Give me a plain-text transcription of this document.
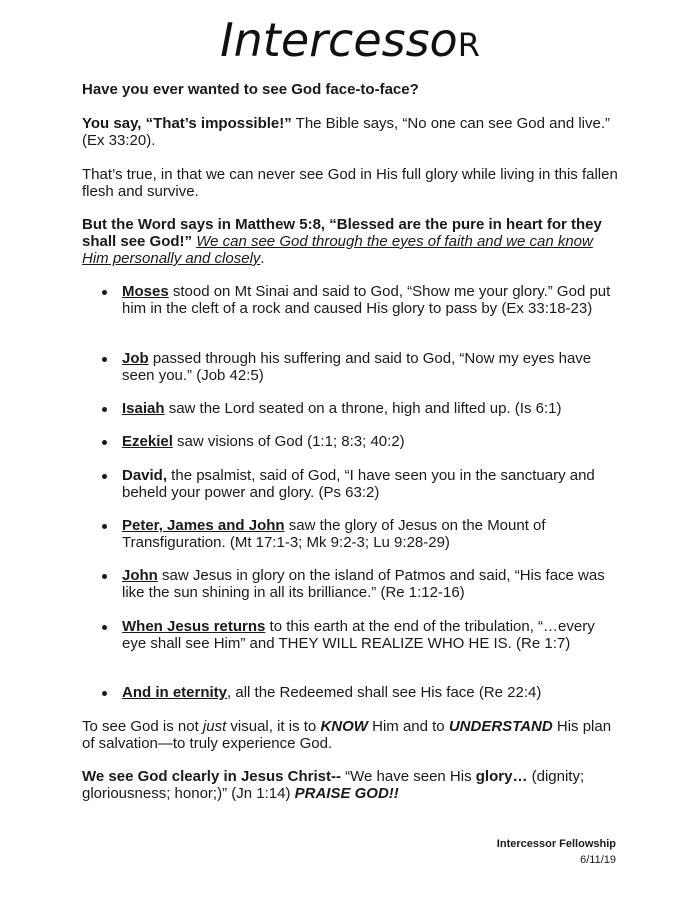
IntercessoR
Have you ever wanted to see God face-to-face?
You say, “That’s impossible!” The Bible says, “No one can see God and live.” (Ex 33:20).
That’s true, in that we can never see God in His full glory while living in this fallen flesh and survive.
But the Word says in Matthew 5:8, “Blessed are the pure in heart for they shall see God!” We can see God through the eyes of faith and we can know Him personally and closely.
Moses stood on Mt Sinai and said to God, “Show me your glory.” God put him in the cleft of a rock and caused His glory to pass by (Ex 33:18-23)
Job passed through his suffering and said to God, “Now my eyes have seen you.” (Job 42:5)
Isaiah saw the Lord seated on a throne, high and lifted up. (Is 6:1)
Ezekiel saw visions of God (1:1; 8:3; 40:2)
David, the psalmist, said of God, “I have seen you in the sanctuary and beheld your power and glory. (Ps 63:2)
Peter, James and John saw the glory of Jesus on the Mount of Transfiguration. (Mt 17:1-3; Mk 9:2-3; Lu 9:28-29)
John saw Jesus in glory on the island of Patmos and said, “His face was like the sun shining in all its brilliance.” (Re 1:12-16)
When Jesus returns to this earth at the end of the tribulation, “…every eye shall see Him” and THEY WILL REALIZE WHO HE IS. (Re 1:7)
And in eternity, all the Redeemed shall see His face (Re 22:4)
To see God is not just visual, it is to KNOW Him and to UNDERSTAND His plan of salvation—to truly experience God.
We see God clearly in Jesus Christ-- “We have seen His glory… (dignity; gloriousness; honor;)” (Jn 1:14) PRAISE GOD!!
Intercessor Fellowship
6/11/19
